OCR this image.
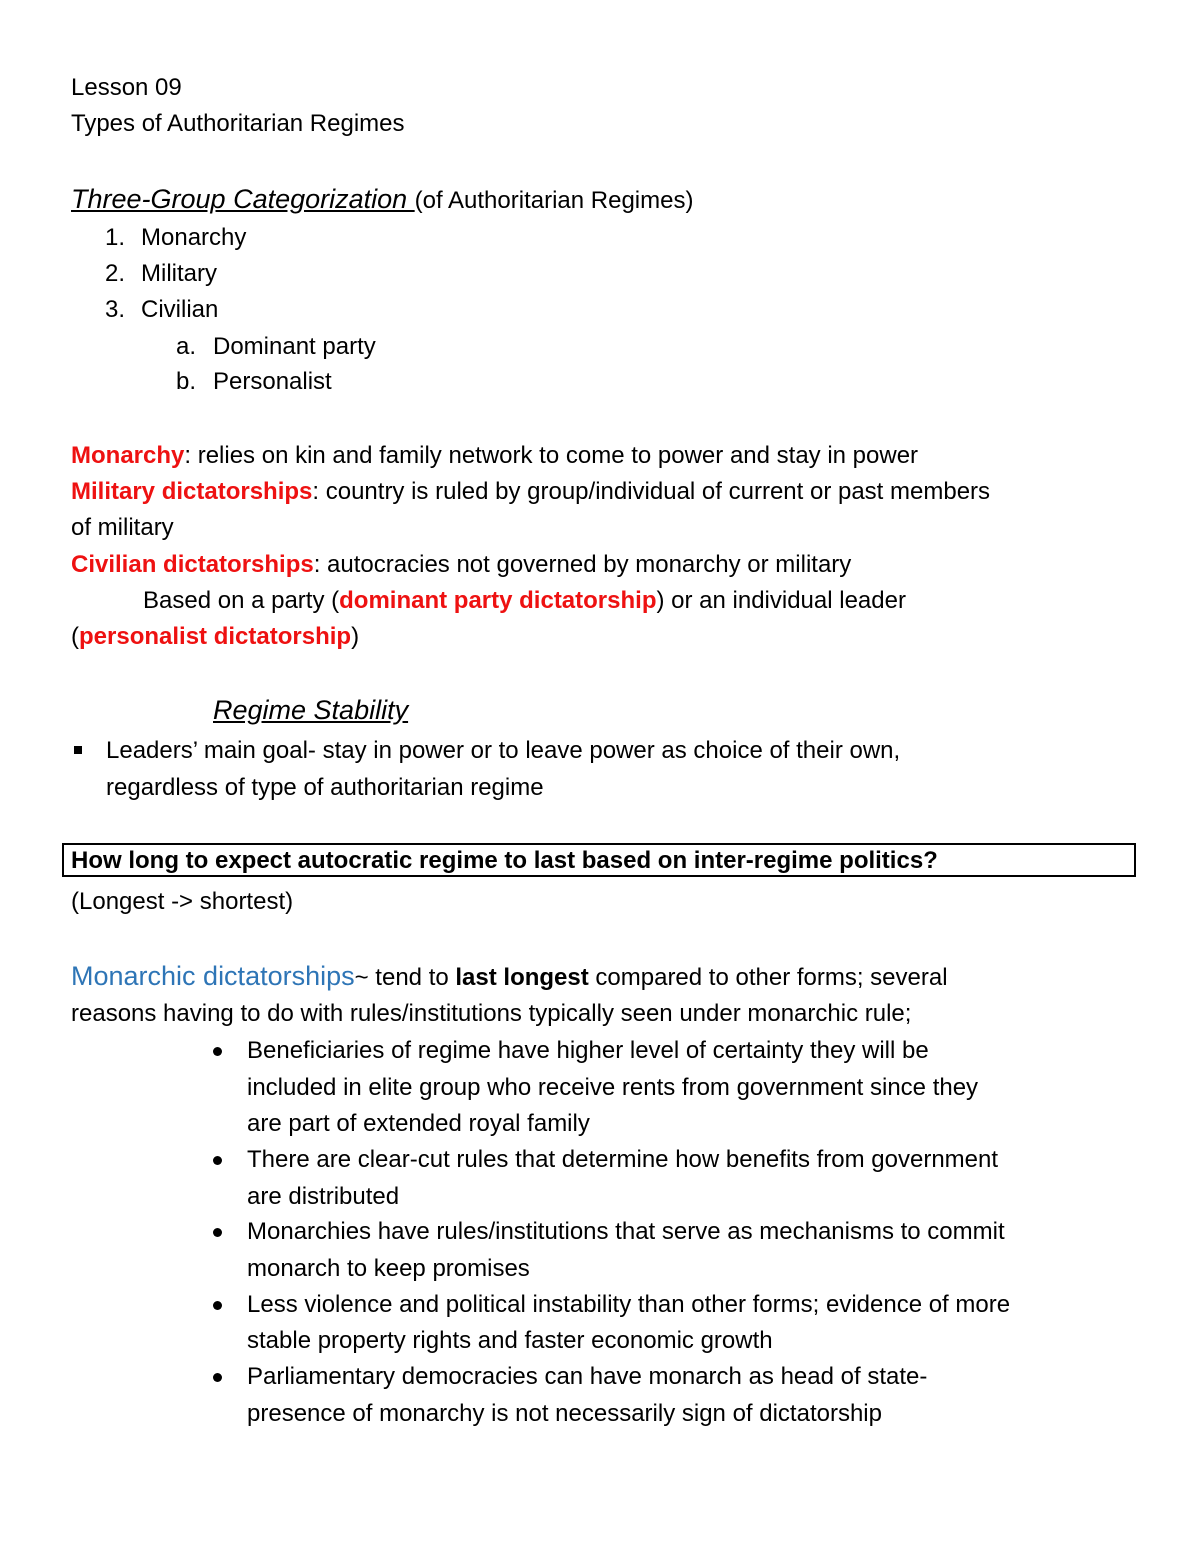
Lesson 09
Types of Authoritarian Regimes
Three-Group Categorization (of Authoritarian Regimes)
1. Monarchy
2. Military
3. Civilian
a. Dominant party
b. Personalist
Monarchy: relies on kin and family network to come to power and stay in power
Military dictatorships: country is ruled by group/individual of current or past members
of military
Civilian dictatorships: autocracies not governed by monarchy or military
Based on a party (dominant party dictatorship) or an individual leader
(personalist dictatorship)
Regime Stability
Leaders’ main goal- stay in power or to leave power as choice of their own,
regardless of type of authoritarian regime
How long to expect autocratic regime to last based on inter-regime politics?
(Longest -> shortest)
Monarchic dictatorships~ tend to last longest compared to other forms; several
reasons having to do with rules/institutions typically seen under monarchic rule;
Beneficiaries of regime have higher level of certainty they will be
included in elite group who receive rents from government since they
are part of extended royal family
There are clear-cut rules that determine how benefits from government
are distributed
Monarchies have rules/institutions that serve as mechanisms to commit
monarch to keep promises
Less violence and political instability than other forms; evidence of more
stable property rights and faster economic growth
Parliamentary democracies can have monarch as head of state-
presence of monarchy is not necessarily sign of dictatorship
